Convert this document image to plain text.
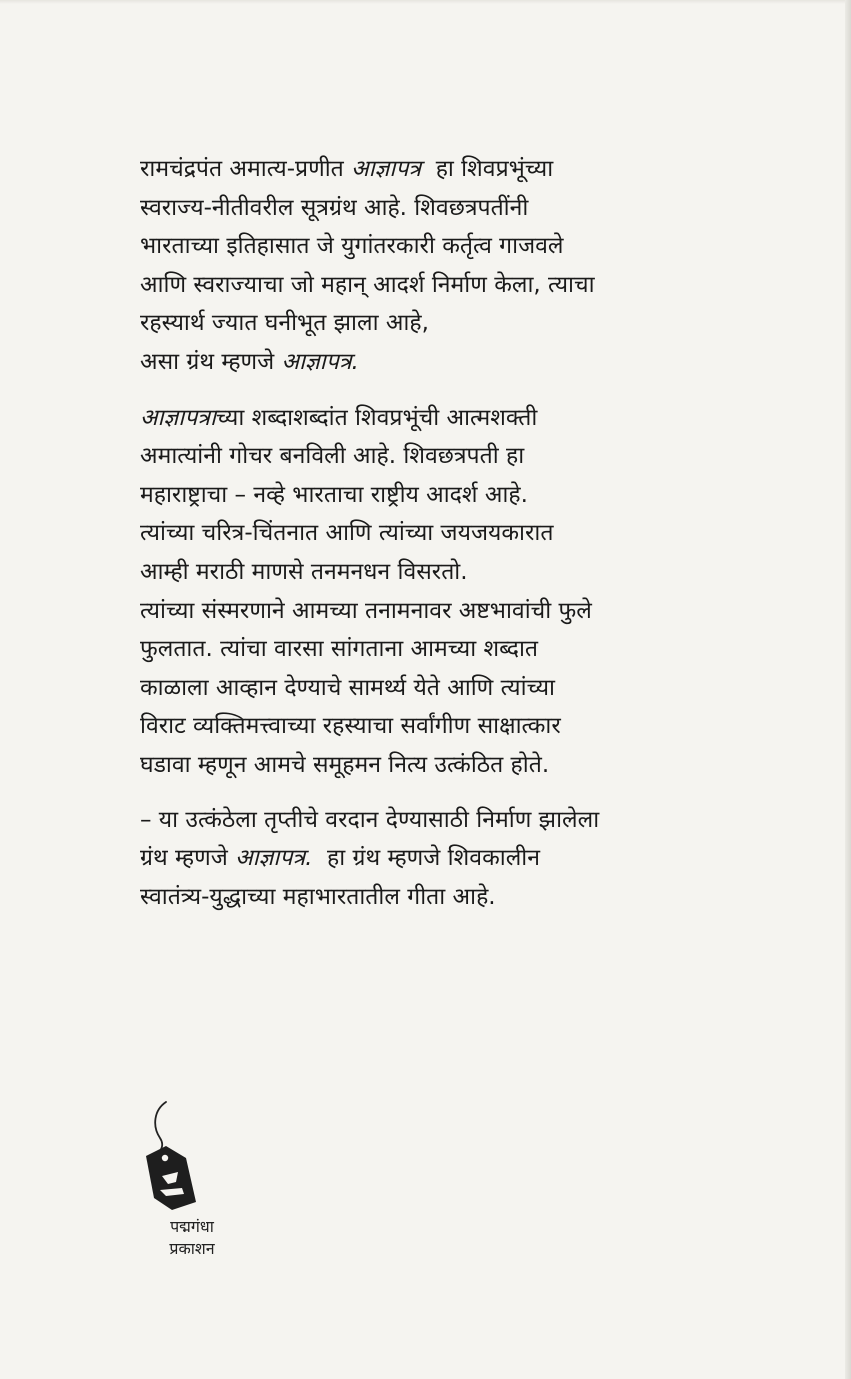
रामचंद्रपंत अमात्य-प्रणीत आज्ञापत्र  हा शिवप्रभूंच्या
स्वराज्य-नीतीवरील सूत्रग्रंथ आहे. शिवछत्रपतींनी
भारताच्या इतिहासात जे युगांतरकारी कर्तृत्व गाजवले
आणि स्वराज्याचा जो महान् आदर्श निर्माण केला, त्याचा
रहस्यार्थ ज्यात घनीभूत झाला आहे,
असा ग्रंथ म्हणजे आज्ञापत्र.
आज्ञापत्राच्या शब्दाशब्दांत शिवप्रभूंची आत्मशक्ती
अमात्यांनी गोचर बनविली आहे. शिवछत्रपती हा
महाराष्ट्राचा – नव्हे भारताचा राष्ट्रीय आदर्श आहे.
त्यांच्या चरित्र-चिंतनात आणि त्यांच्या जयजयकारात
आम्ही मराठी माणसे तनमनधन विसरतो.
त्यांच्या संस्मरणाने आमच्या तनामनावर अष्टभावांची फुले
फुलतात. त्यांचा वारसा सांगताना आमच्या शब्दात
काळाला आव्हान देण्याचे सामर्थ्य येते आणि त्यांच्या
विराट व्यक्तिमत्त्वाच्या रहस्याचा सर्वांगीण साक्षात्कार
घडावा म्हणून आमचे समूहमन नित्य उत्कंठित होते.
– या उत्कंठेला तृप्तीचे वरदान देण्यासाठी निर्माण झालेला
ग्रंथ म्हणजे आज्ञापत्र.  हा ग्रंथ म्हणजे शिवकालीन
स्वातंत्र्य-युद्धाच्या महाभारतातील गीता आहे.
पद्मगंधा
प्रकाशन
